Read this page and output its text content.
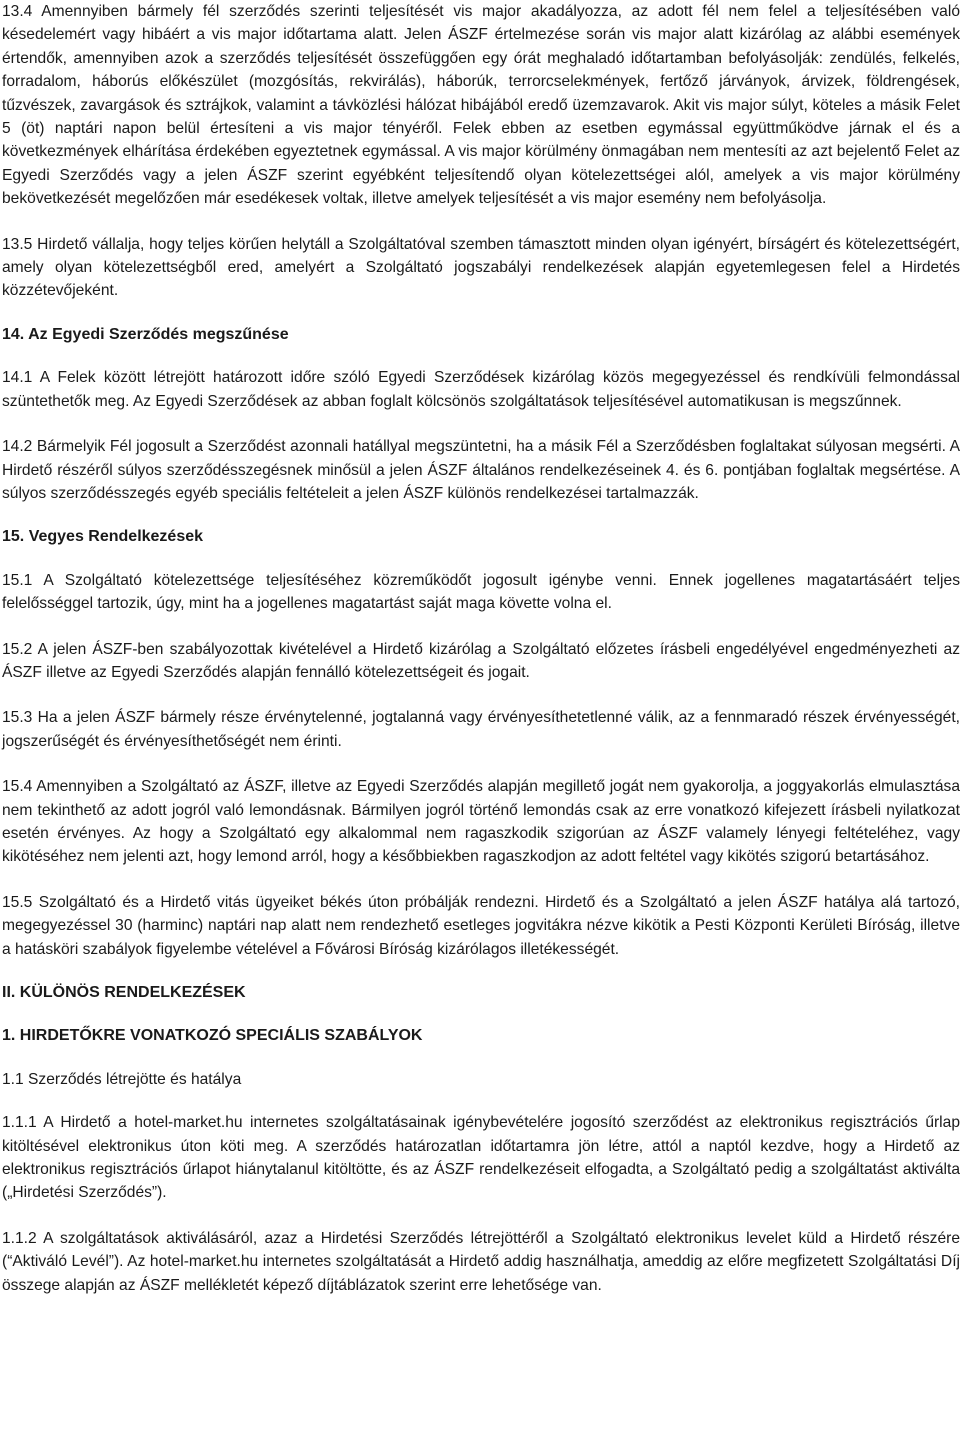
13.4 Amennyiben bármely fél szerződés szerinti teljesítését vis major akadályozza, az adott fél nem felel a teljesítésében való késedelemért vagy hibáért a vis major időtartama alatt. Jelen ÁSZF értelmezése során vis major alatt kizárólag az alábbi események értendők, amennyiben azok a szerződés teljesítését összefüggően egy órát meghaladó időtartamban befolyásolják: zendülés, felkelés, forradalom, háborús előkészület (mozgósítás, rekvirálás), háborúk, terrorcselekmények, fertőző járványok, árvizek, földrengések, tűzvészek, zavargások és sztrájkok, valamint a távközlési hálózat hibájából eredő üzemzavarok. Akit vis major súlyt, köteles a másik Felet 5 (öt) naptári napon belül értesíteni a vis major tényéről. Felek ebben az esetben egymással együttműködve járnak el és a következmények elhárítása érdekében egyeztetnek egymással. A vis major körülmény önmagában nem mentesíti az azt bejelentő Felet az Egyedi Szerződés vagy a jelen ÁSZF szerint egyébként teljesítendő olyan kötelezettségei alól, amelyek a vis major körülmény bekövetkezését megelőzően már esedékesek voltak, illetve amelyek teljesítését a vis major esemény nem befolyásolja.

13.5 Hirdető vállalja, hogy teljes körűen helytáll a Szolgáltatóval szemben támasztott minden olyan igényért, bírságért és kötelezettségért, amely olyan kötelezettségből ered, amelyért a Szolgáltató jogszabályi rendelkezések alapján egyetemlegesen felel a Hirdetés közzétevőjeként.

14. Az Egyedi Szerződés megszűnése

14.1 A Felek között létrejött határozott időre szóló Egyedi Szerződések kizárólag közös megegyezéssel és rendkívüli felmondással szüntethetők meg. Az Egyedi Szerződések az abban foglalt kölcsönös szolgáltatások teljesítésével automatikusan is megszűnnek.

14.2 Bármelyik Fél jogosult a Szerződést azonnali hatállyal megszüntetni, ha a másik Fél a Szerződésben foglaltakat súlyosan megsérti. A Hirdető részéről súlyos szerződésszegésnek minősül a jelen ÁSZF általános rendelkezéseinek 4. és 6. pontjában foglaltak megsértése. A súlyos szerződésszegés egyéb speciális feltételeit a jelen ÁSZF különös rendelkezései tartalmazzák.

15. Vegyes Rendelkezések

15.1 A Szolgáltató kötelezettsége teljesítéséhez közreműködőt jogosult igénybe venni. Ennek jogellenes magatartásáért teljes felelősséggel tartozik, úgy, mint ha a jogellenes magatartást saját maga követte volna el.

15.2 A jelen ÁSZF-ben szabályozottak kivételével a Hirdető kizárólag a Szolgáltató előzetes írásbeli engedélyével engedményezheti az ÁSZF illetve az Egyedi Szerződés alapján fennálló kötelezettségeit és jogait.

15.3 Ha a jelen ÁSZF bármely része érvénytelenné, jogtalanná vagy érvényesíthetetlenné válik, az a fennmaradó részek érvényességét, jogszerűségét és érvényesíthetőségét nem érinti.

15.4 Amennyiben a Szolgáltató az ÁSZF, illetve az Egyedi Szerződés alapján megillető jogát nem gyakorolja, a joggyakorlás elmulasztása nem tekinthető az adott jogról való lemondásnak. Bármilyen jogról történő lemondás csak az erre vonatkozó kifejezett írásbeli nyilatkozat esetén érvényes. Az hogy a Szolgáltató egy alkalommal nem ragaszkodik szigorúan az ÁSZF valamely lényegi feltételéhez, vagy kikötéséhez nem jelenti azt, hogy lemond arról, hogy a későbbiekben ragaszkodjon az adott feltétel vagy kikötés szigorú betartásához.

15.5 Szolgáltató és a Hirdető vitás ügyeiket békés úton próbálják rendezni. Hirdető és a Szolgáltató a jelen ÁSZF hatálya alá tartozó, megegyezéssel 30 (harminc) naptári nap alatt nem rendezhető esetleges jogvitákra nézve kikötik a Pesti Központi Kerületi Bíróság, illetve a hatásköri szabályok figyelembe vételével a Fővárosi Bíróság kizárólagos illetékességét.

II. KÜLÖNÖS RENDELKEZÉSEK
1. HIRDETŐKRE VONATKOZÓ SPECIÁLIS SZABÁLYOK

1.1 Szerződés létrejötte és hatálya

1.1.1 A Hirdető a hotel-market.hu internetes szolgáltatásainak igénybevételére jogosító szerződést az elektronikus regisztrációs űrlap kitöltésével elektronikus úton köti meg. A szerződés határozatlan időtartamra jön létre, attól a naptól kezdve, hogy a Hirdető az elektronikus regisztrációs űrlapot hiánytalanul kitöltötte, és az ÁSZF rendelkezéseit elfogadta, a Szolgáltató pedig a szolgáltatást aktiválta („Hirdetési Szerződés”).

1.1.2 A szolgáltatások aktiválásáról, azaz a Hirdetési Szerződés létrejöttéről a Szolgáltató elektronikus levelet küld a Hirdető részére (“Aktiváló Levél”). Az hotel-market.hu internetes szolgáltatását a Hirdető addig használhatja, ameddig az előre megfizetett Szolgáltatási Díj összege alapján az ÁSZF mellékletét képező díjtáblázatok szerint erre lehetősége van.
